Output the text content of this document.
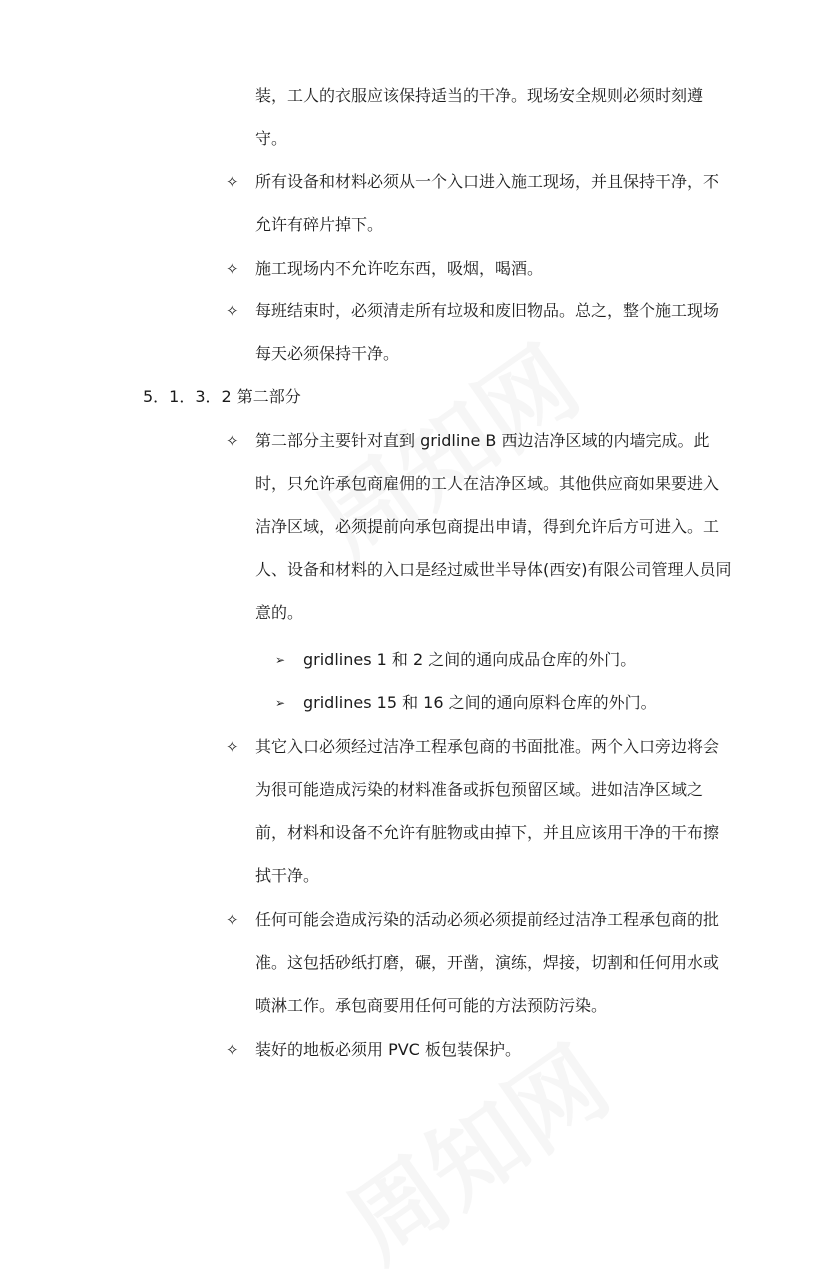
装，工人的衣服应该保持适当的干净。现场安全规则必须时刻遵
守。
✧ 所有设备和材料必须从一个入口进入施工现场，并且保持干净，不
允许有碎片掉下。
✧ 施工现场内不允许吃东西，吸烟，喝酒。
✧ 每班结束时，必须清走所有垃圾和废旧物品。总之，整个施工现场
每天必须保持干净。
5．1．3．2 第二部分
✧ 第二部分主要针对直到 gridline B 西边洁净区域的内墙完成。此
时，只允许承包商雇佣的工人在洁净区域。其他供应商如果要进入
洁净区域，必须提前向承包商提出申请，得到允许后方可进入。工
人、设备和材料的入口是经过威世半导体(西安)有限公司管理人员同
意的。
➢ gridlines 1 和 2 之间的通向成品仓库的外门。
➢ gridlines 15 和 16 之间的通向原料仓库的外门。
✧ 其它入口必须经过洁净工程承包商的书面批准。两个入口旁边将会
为很可能造成污染的材料准备或拆包预留区域。进如洁净区域之
前，材料和设备不允许有脏物或由掉下，并且应该用干净的干布擦
拭干净。
✧ 任何可能会造成污染的活动必须必须提前经过洁净工程承包商的批
准。这包括砂纸打磨，碾，开凿，演练，焊接，切割和任何用水或
喷淋工作。承包商要用任何可能的方法预防污染。
✧ 装好的地板必须用 PVC 板包装保护。
